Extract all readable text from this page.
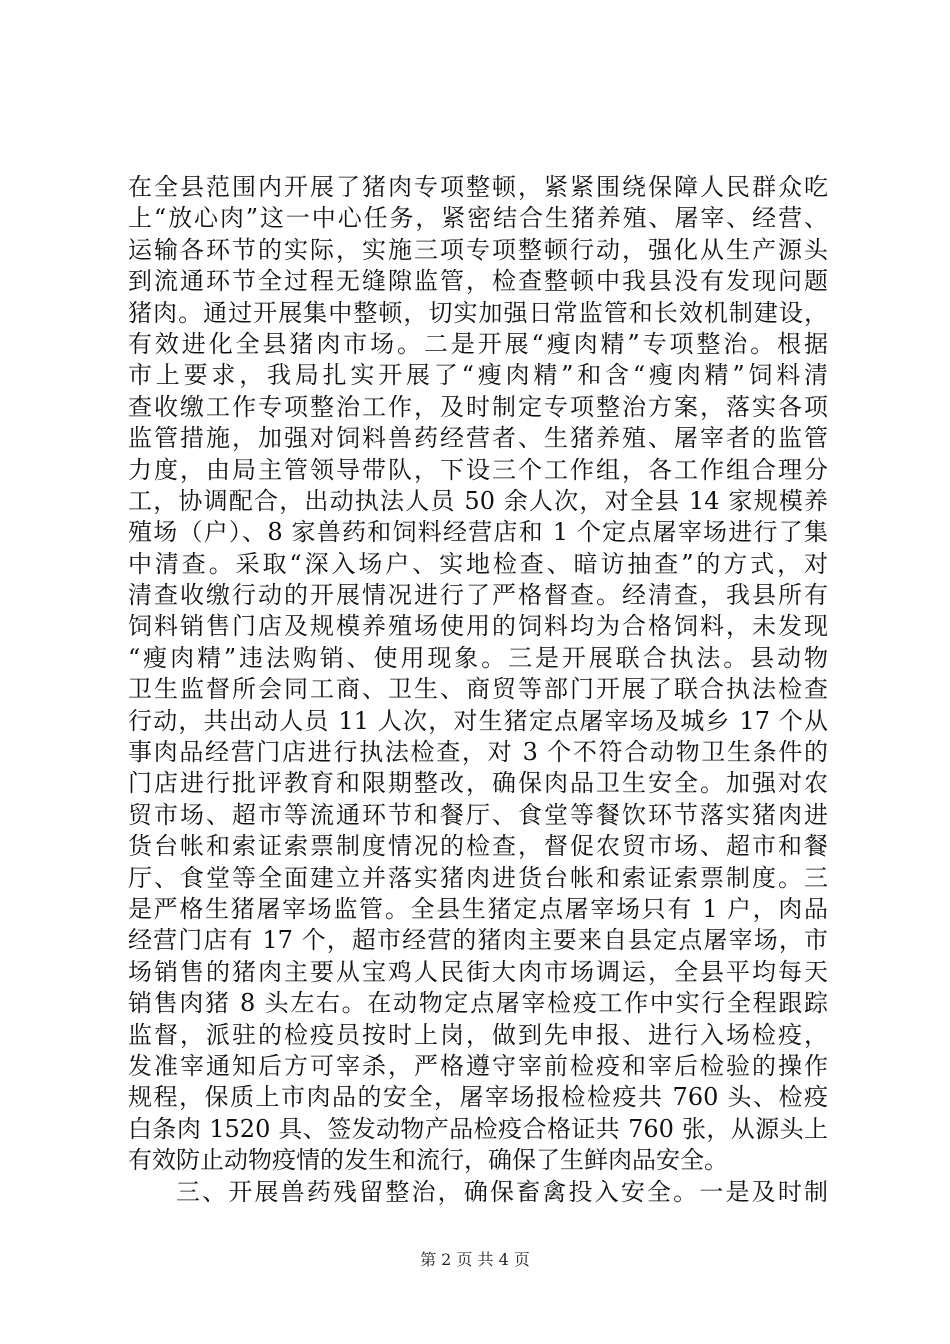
在全县范围内开展了猪肉专项整顿，紧紧围绕保障人民群众吃
上“放心肉”这一中心任务，紧密结合生猪养殖、屠宰、经营、
运输各环节的实际，实施三项专项整顿行动，强化从生产源头
到流通环节全过程无缝隙监管，检查整顿中我县没有发现问题
猪肉。通过开展集中整顿，切实加强日常监管和长效机制建设，
有效进化全县猪肉市场。二是开展“瘦肉精”专项整治。根据
市上要求，我局扎实开展了“瘦肉精”和含“瘦肉精”饲料清
查收缴工作专项整治工作，及时制定专项整治方案，落实各项
监管措施，加强对饲料兽药经营者、生猪养殖、屠宰者的监管
力度，由局主管领导带队，下设三个工作组，各工作组合理分
工，协调配合，出动执法人员 50 余人次，对全县 14 家规模养
殖场（户）、8 家兽药和饲料经营店和 1 个定点屠宰场进行了集
中清查。采取“深入场户、实地检查、暗访抽查”的方式，对
清查收缴行动的开展情况进行了严格督查。经清查，我县所有
饲料销售门店及规模养殖场使用的饲料均为合格饲料，未发现
“瘦肉精”违法购销、使用现象。三是开展联合执法。县动物
卫生监督所会同工商、卫生、商贸等部门开展了联合执法检查
行动，共出动人员 11 人次，对生猪定点屠宰场及城乡 17 个从
事肉品经营门店进行执法检查，对 3 个不符合动物卫生条件的
门店进行批评教育和限期整改，确保肉品卫生安全。加强对农
贸市场、超市等流通环节和餐厅、食堂等餐饮环节落实猪肉进
货台帐和索证索票制度情况的检查，督促农贸市场、超市和餐
厅、食堂等全面建立并落实猪肉进货台帐和索证索票制度。三
是严格生猪屠宰场监管。全县生猪定点屠宰场只有 1 户，肉品
经营门店有 17 个，超市经营的猪肉主要来自县定点屠宰场，市
场销售的猪肉主要从宝鸡人民街大肉市场调运，全县平均每天
销售肉猪 8 头左右。在动物定点屠宰检疫工作中实行全程跟踪
监督，派驻的检疫员按时上岗，做到先申报、进行入场检疫，
发准宰通知后方可宰杀，严格遵守宰前检疫和宰后检验的操作
规程，保质上市肉品的安全，屠宰场报检检疫共 760 头、检疫
白条肉 1520 具、签发动物产品检疫合格证共 760 张，从源头上
有效防止动物疫情的发生和流行，确保了生鲜肉品安全。
三、开展兽药残留整治，确保畜禽投入安全。一是及时制
第 2 页 共 4 页
